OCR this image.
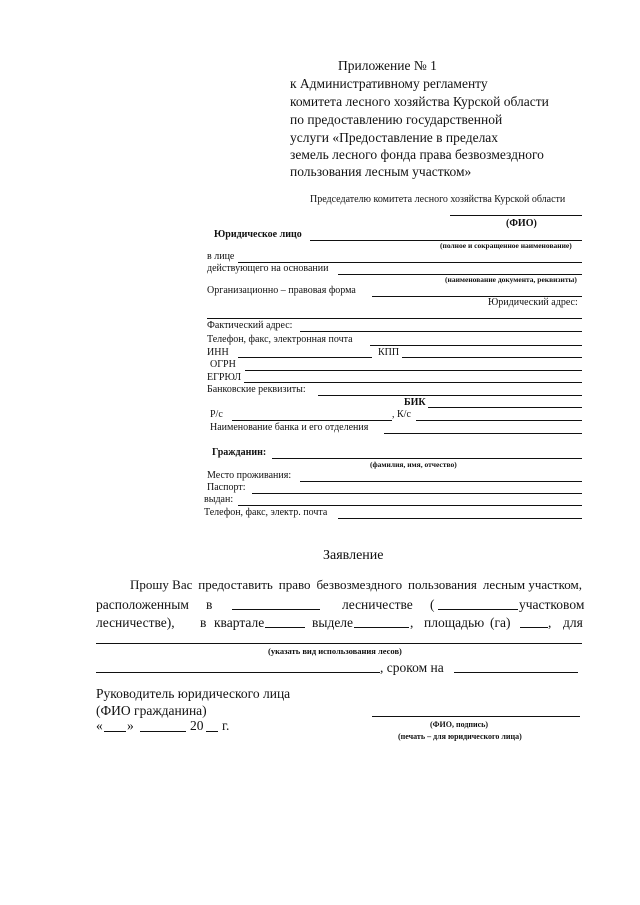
Приложение № 1
к Административному регламенту
комитета лесного хозяйства Курской области
по предоставлению государственной
услуги «Предоставление в пределах
земель лесного фонда права безвозмездного
пользования лесным участком»
Председателю комитета лесного хозяйства Курской области
(ФИО)
Юридическое лицо
(полное и сокращенное наименование)
в лице
действующего на основании
(наименование документа, реквизиты)
Организационно – правовая форма
Юридический адрес:
Фактический адрес:
Телефон, факс, электронная почта
ИНН	КПП
ОГРН
ЕГРЮЛ
Банковские реквизиты:
БИК
Р/с	, К/с
Наименование банка и его отделения
Гражданин:
(фамилия, имя, отчество)
Место проживания:
Паспорт:
выдан:
Телефон, факс, электр. почта
Заявление
Прошу Вас предоставить право безвозмездного пользования лесным участком,
расположенным в	лесничестве (	участковом
лесничестве), в квартале	выделе	, площадью (га)	, для
(указать вид использования лесов)
, сроком на
Руководитель юридического лица
(ФИО гражданина)
(ФИО, подпись)
(печать – для юридического лица)
« »	20 г.
